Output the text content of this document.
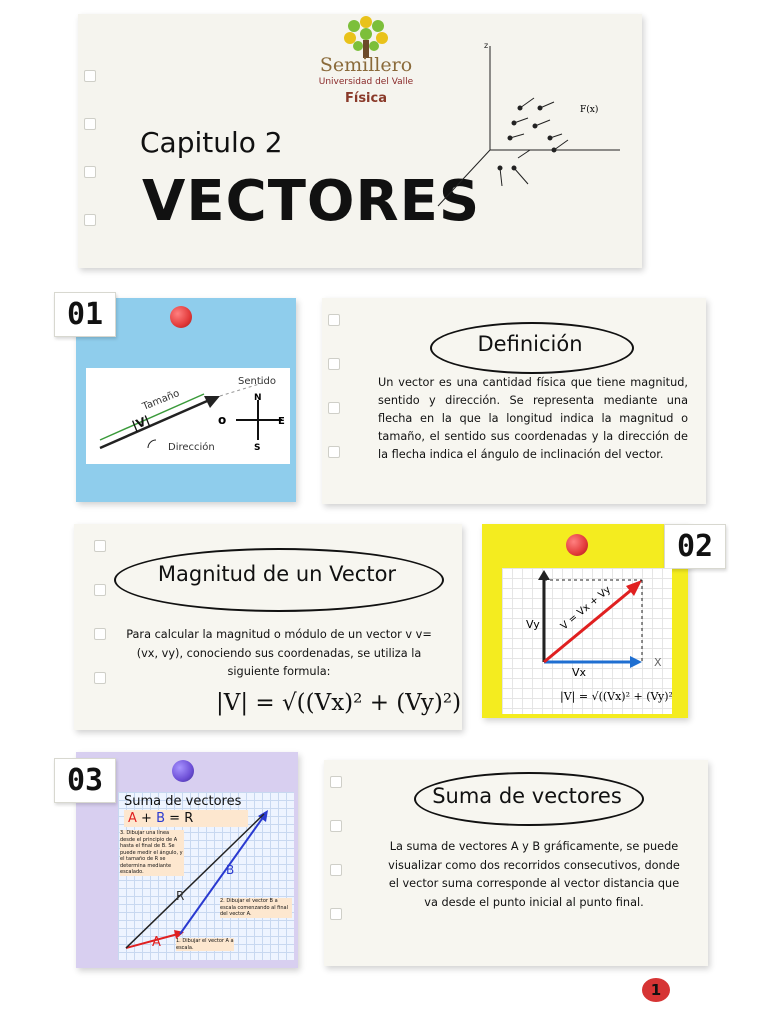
Semillero
Universidad del Valle
Física
Capitulo 2
VECTORES
z
F(x)
01
Tamaño
Sentido
|V|
Dirección
o
N
E
S
Definición
Un vector es una cantidad física que tiene magnitud, sentido y dirección. Se representa mediante una flecha en la que la longitud indica la magnitud o tamaño, el sentido sus coordenadas y la dirección de la flecha indica el ángulo de inclinación del vector.
Magnitud de un Vector
Para calcular la magnitud o módulo de un vector v v= (vx, vy), conociendo sus coordenadas, se utiliza la siguiente formula:
|V| = √((Vx)² + (Vy)²)
02
Vy
Vx
X
V = Vx + Vy
|V| = √((Vx)² + (Vy)²)
03
Suma de vectores
A + B = R
3. Dibujar una línea desde el principio de A hasta el final de B. Se puede medir el ángulo, y el tamaño de R se determina mediante escalado.
2. Dibujar el vector B a escala comenzando al final del vector A.
1. Dibujar el vector A a escala.
A
B
R
Suma de vectores
La suma de vectores A y B gráficamente, se puede visualizar como dos recorridos consecutivos, donde el vector suma corresponde al vector distancia que va desde el punto inicial al punto final.
1
